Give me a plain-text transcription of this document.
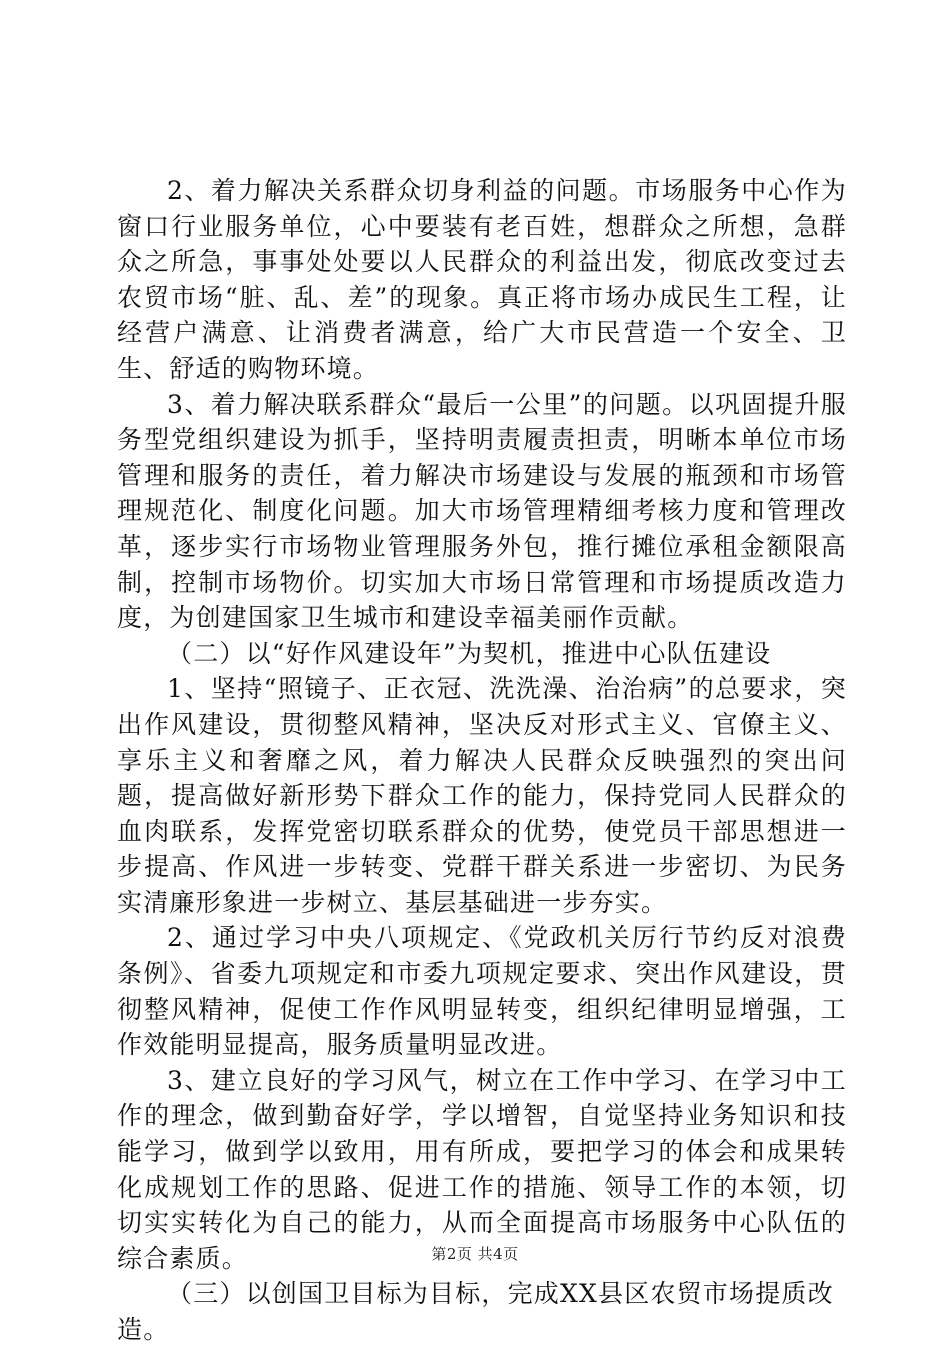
2、着力解决关系群众切身利益的问题。市场服务中心作为窗口行业服务单位，心中要装有老百姓，想群众之所想，急群众之所急，事事处处要以人民群众的利益出发，彻底改变过去农贸市场“脏、乱、差”的现象。真正将市场办成民生工程，让经营户满意、让消费者满意，给广大市民营造一个安全、卫生、舒适的购物环境。

3、着力解决联系群众“最后一公里”的问题。以巩固提升服务型党组织建设为抓手，坚持明责履责担责，明晰本单位市场管理和服务的责任，着力解决市场建设与发展的瓶颈和市场管理规范化、制度化问题。加大市场管理精细考核力度和管理改革，逐步实行市场物业管理服务外包，推行摊位承租金额限高制，控制市场物价。切实加大市场日常管理和市场提质改造力度，为创建国家卫生城市和建设幸福美丽作贡献。

（二）以“好作风建设年”为契机，推进中心队伍建设

1、坚持“照镜子、正衣冠、洗洗澡、治治病”的总要求，突出作风建设，贯彻整风精神，坚决反对形式主义、官僚主义、享乐主义和奢靡之风，着力解决人民群众反映强烈的突出问题，提高做好新形势下群众工作的能力，保持党同人民群众的血肉联系，发挥党密切联系群众的优势，使党员干部思想进一步提高、作风进一步转变、党群干群关系进一步密切、为民务实清廉形象进一步树立、基层基础进一步夯实。

2、通过学习中央八项规定、《党政机关厉行节约反对浪费条例》、省委九项规定和市委九项规定要求、突出作风建设，贯彻整风精神，促使工作作风明显转变，组织纪律明显增强，工作效能明显提高，服务质量明显改进。

3、建立良好的学习风气，树立在工作中学习、在学习中工作的理念，做到勤奋好学，学以增智，自觉坚持业务知识和技能学习，做到学以致用，用有所成，要把学习的体会和成果转化成规划工作的思路、促进工作的措施、领导工作的本领，切切实实转化为自己的能力，从而全面提高市场服务中心队伍的综合素质。

（三）以创国卫目标为目标，完成XX县区农贸市场提质改造。

第2页 共4页
